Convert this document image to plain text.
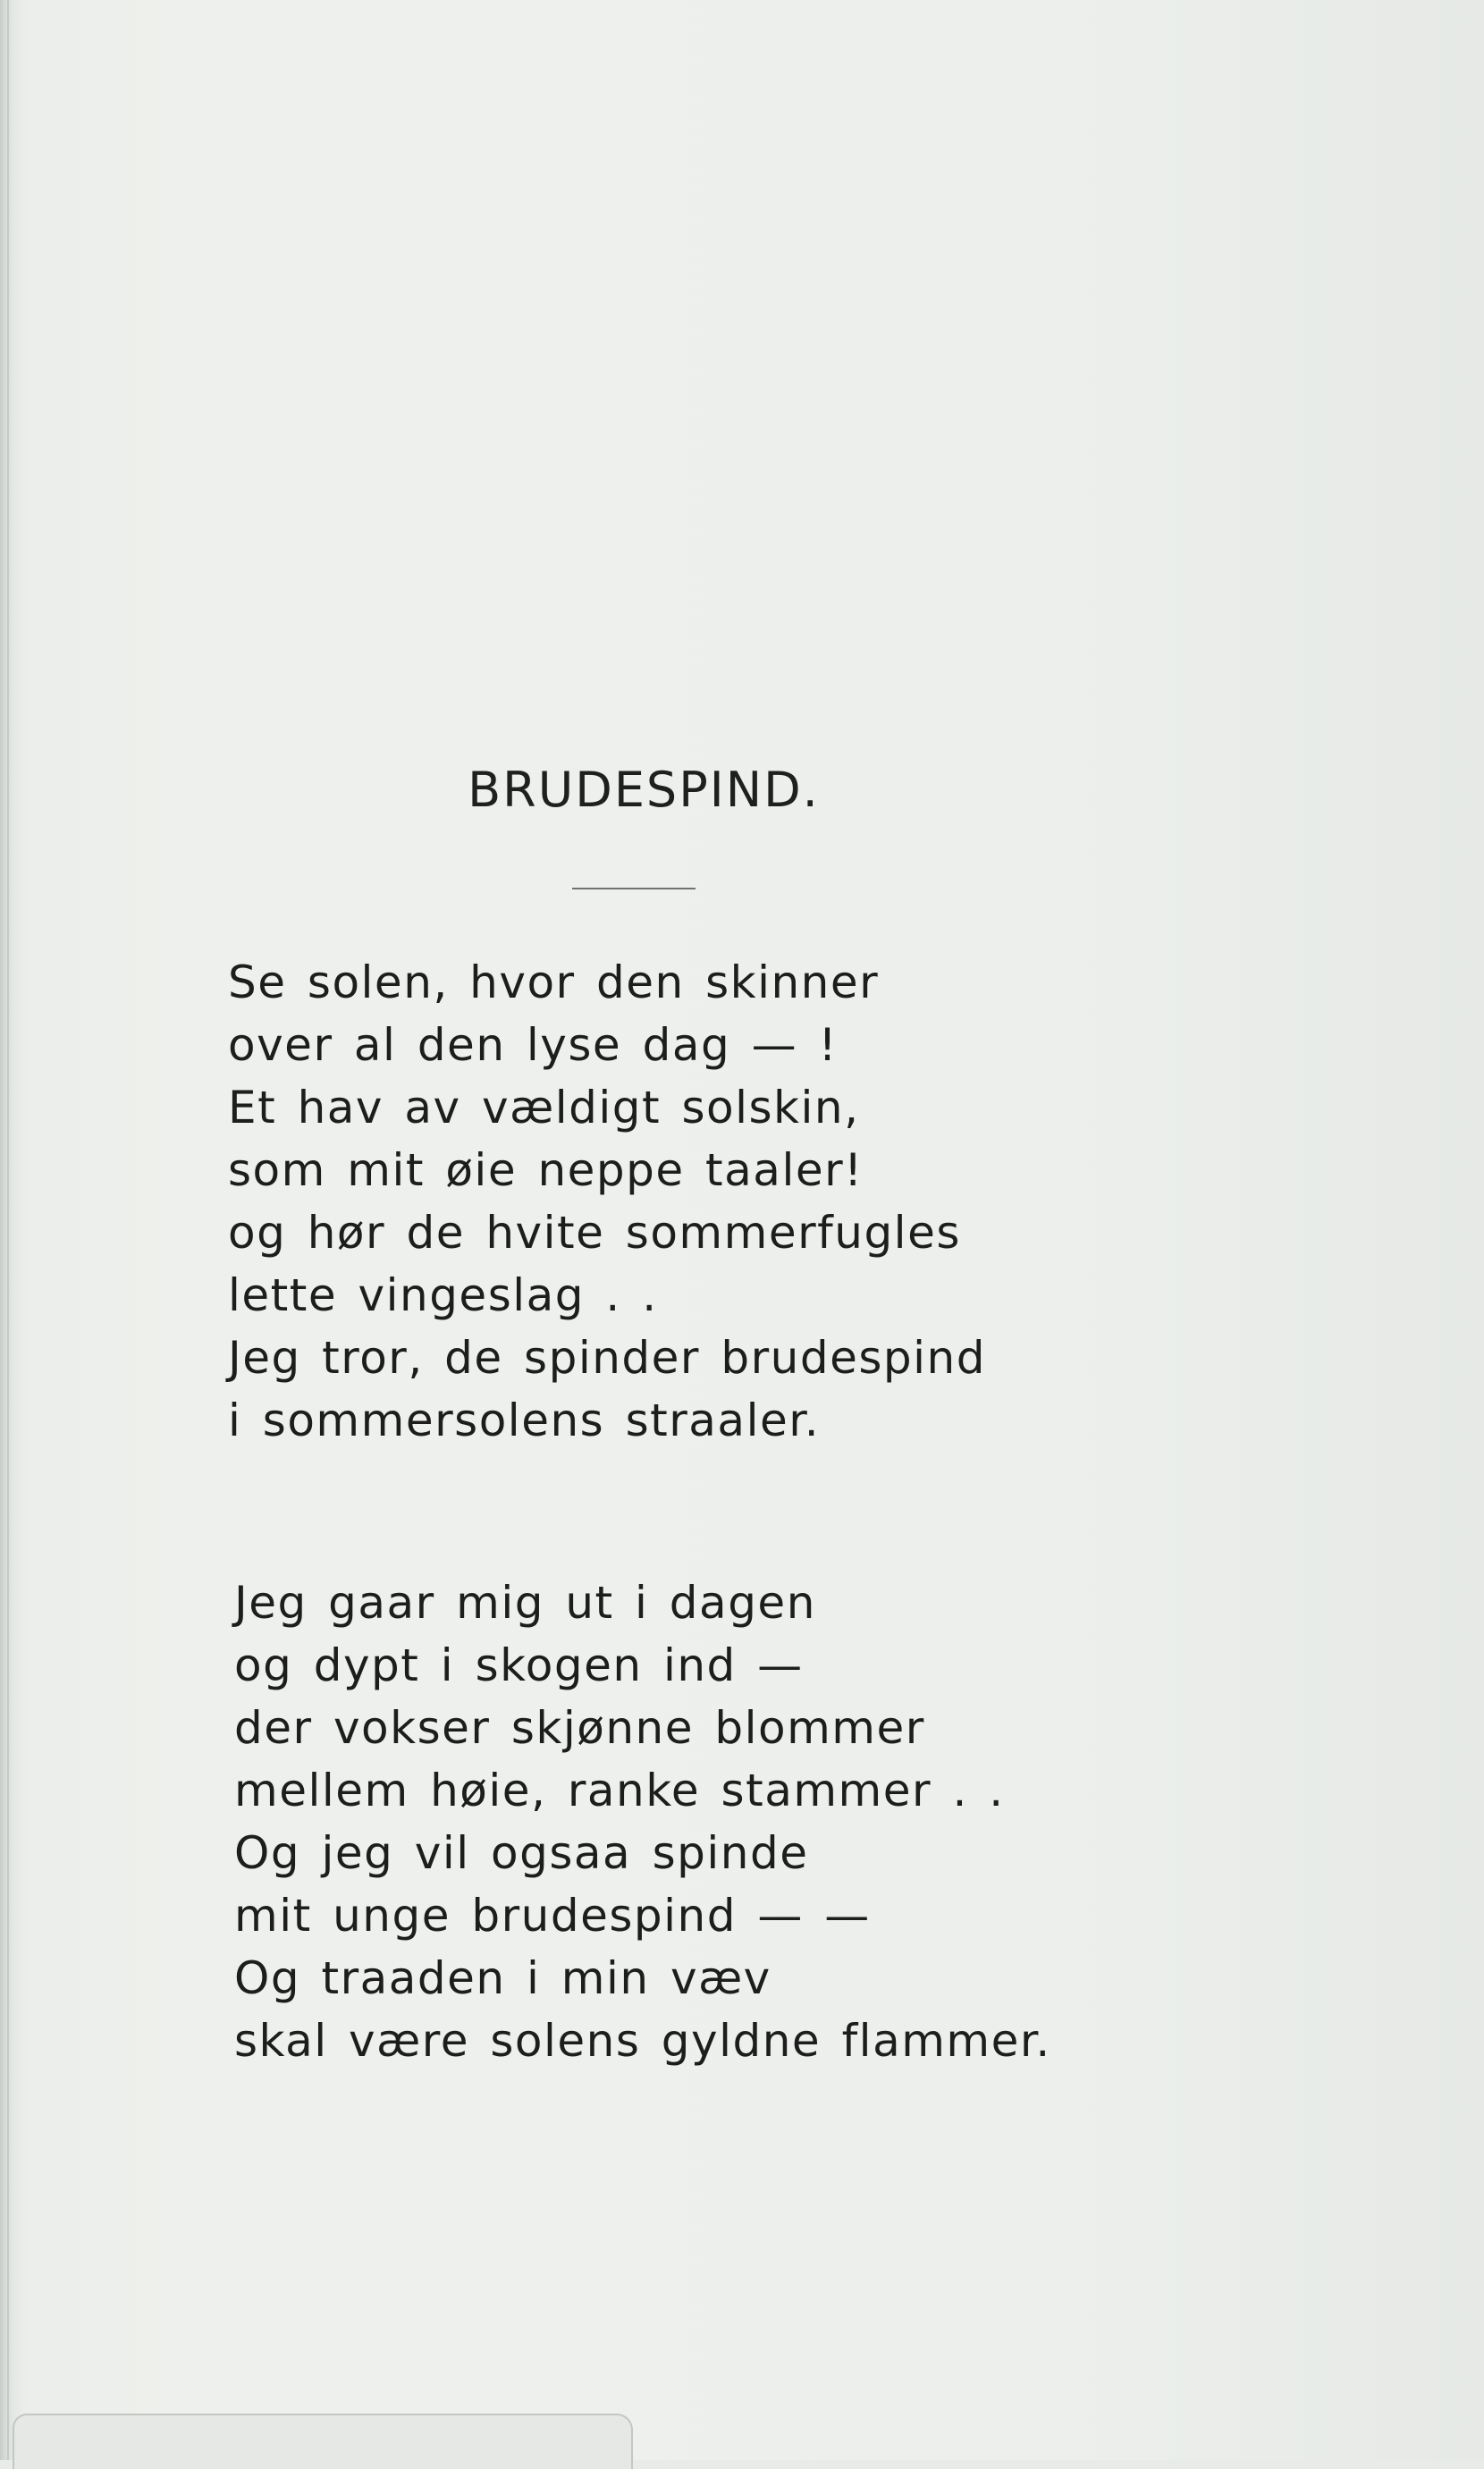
BRUDESPIND.
Se solen, hvor den skinner
over al den lyse dag — !
Et hav av vældigt solskin,
som mit øie neppe taaler!
og hør de hvite sommerfugles
lette vingeslag . .
Jeg tror, de spinder brudespind
i sommersolens straaler.
Jeg gaar mig ut i dagen
og dypt i skogen ind —
der vokser skjønne blommer
mellem høie, ranke stammer . .
Og jeg vil ogsaa spinde
mit unge brudespind — —
Og traaden i min væv
skal være solens gyldne flammer.
